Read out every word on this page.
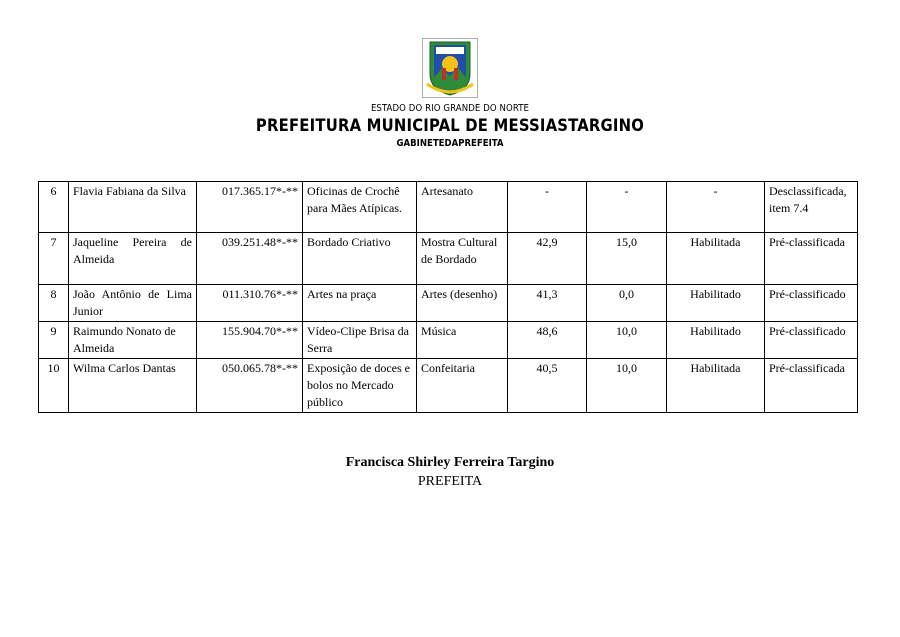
ESTADO DO RIO GRANDE DO NORTE
PREFEITURA MUNICIPAL DE MESSIASTARGINO
GABINETEDAPREFEITA
6	Flavia Fabiana da Silva	017.365.17*-**	Oficinas de Crochê para Mães Atípicas.	Artesanato	-	-	-	Desclassificada, item 7.4
7	Jaqueline Pereira de Almeida	039.251.48*-**	Bordado Criativo	Mostra Cultural de Bordado	42,9	15,0	Habilitada	Pré-classificada
8	João Antônio de Lima Junior	011.310.76*-**	Artes na praça	Artes (desenho)	41,3	0,0	Habilitado	Pré-classificado
9	Raimundo Nonato de Almeida	155.904.70*-**	Vídeo-Clipe Brisa da Serra	Música	48,6	10,0	Habilitado	Pré-classificado
10	Wilma Carlos Dantas	050.065.78*-**	Exposição de doces e bolos no Mercado público	Confeitaria	40,5	10,0	Habilitada	Pré-classificada
Francisca Shirley Ferreira Targino
PREFEITA
